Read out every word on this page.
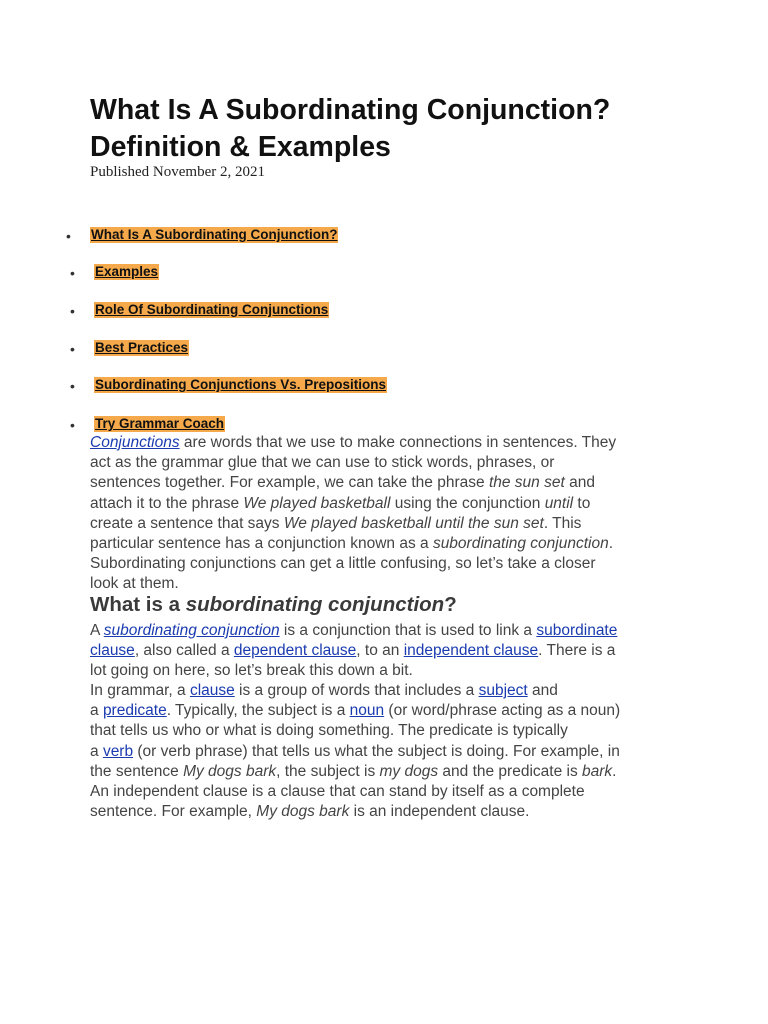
What Is A Subordinating Conjunction?
Definition & Examples
Published November 2, 2021
• What Is A Subordinating Conjunction?
• Examples
• Role Of Subordinating Conjunctions
• Best Practices
• Subordinating Conjunctions Vs. Prepositions
• Try Grammar Coach
Conjunctions are words that we use to make connections in sentences. They
act as the grammar glue that we can use to stick words, phrases, or
sentences together. For example, we can take the phrase the sun set and
attach it to the phrase We played basketball using the conjunction until to
create a sentence that says We played basketball until the sun set. This
particular sentence has a conjunction known as a subordinating conjunction.
Subordinating conjunctions can get a little confusing, so let’s take a closer
look at them.
What is a subordinating conjunction?
A subordinating conjunction is a conjunction that is used to link a subordinate
clause, also called a dependent clause, to an independent clause. There is a
lot going on here, so let’s break this down a bit.
In grammar, a clause is a group of words that includes a subject and
a predicate. Typically, the subject is a noun (or word/phrase acting as a noun)
that tells us who or what is doing something. The predicate is typically
a verb (or verb phrase) that tells us what the subject is doing. For example, in
the sentence My dogs bark, the subject is my dogs and the predicate is bark.
An independent clause is a clause that can stand by itself as a complete
sentence. For example, My dogs bark is an independent clause.
